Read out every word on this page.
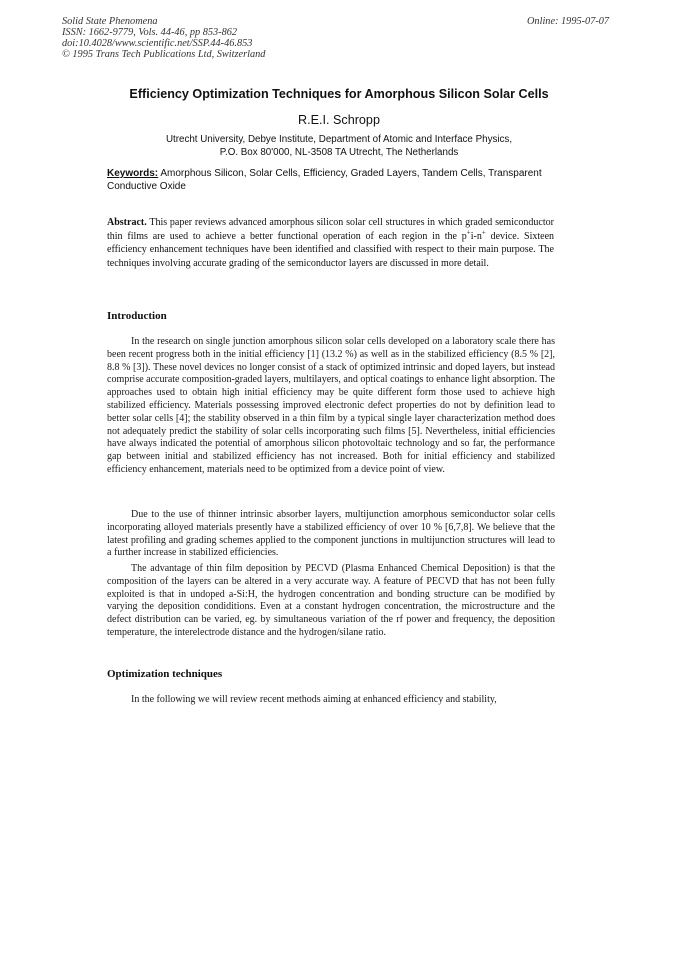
Solid State Phenomena
ISSN: 1662-9779, Vols. 44-46, pp 853-862
doi:10.4028/www.scientific.net/SSP.44-46.853
© 1995 Trans Tech Publications Ltd, Switzerland
Online: 1995-07-07
Efficiency Optimization Techniques for Amorphous Silicon Solar Cells
R.E.I. Schropp
Utrecht University, Debye Institute, Department of Atomic and Interface Physics,
P.O. Box 80'000, NL-3508 TA Utrecht, The Netherlands
Keywords: Amorphous Silicon, Solar Cells, Efficiency, Graded Layers, Tandem Cells, Transparent Conductive Oxide
Abstract. This paper reviews advanced amorphous silicon solar cell structures in which graded semiconductor thin films are used to achieve a better functional operation of each region in the p+i-n+ device. Sixteen efficiency enhancement techniques have been identified and classified with respect to their main purpose. The techniques involving accurate grading of the semiconductor layers are discussed in more detail.
Introduction
In the research on single junction amorphous silicon solar cells developed on a laboratory scale there has been recent progress both in the initial efficiency [1] (13.2 %) as well as in the stabilized efficiency (8.5 % [2], 8.8 % [3]). These novel devices no longer consist of a stack of optimized intrinsic and doped layers, but instead comprise accurate composition-graded layers, multilayers, and optical coatings to enhance light absorption. The approaches used to obtain high initial efficiency may be quite different form those used to achieve high stabilized efficiency. Materials possessing improved electronic defect properties do not by definition lead to better solar cells [4]; the stability observed in a thin film by a typical single layer characterization method does not adequately predict the stability of solar cells incorporating such films [5]. Nevertheless, initial efficiencies have always indicated the potential of amorphous silicon photovoltaic technology and so far, the performance gap between initial and stabilized efficiency has not increased. Both for initial efficiency and stabilized efficiency enhancement, materials need to be optimized from a device point of view.
Due to the use of thinner intrinsic absorber layers, multijunction amorphous semiconductor solar cells incorporating alloyed materials presently have a stabilized efficiency of over 10 % [6,7,8]. We believe that the latest profiling and grading schemes applied to the component junctions in multijunction structures will lead to a further increase in stabilized efficiencies.
The advantage of thin film deposition by PECVD (Plasma Enhanced Chemical Deposition) is that the composition of the layers can be altered in a very accurate way. A feature of PECVD that has not been fully exploited is that in undoped a-Si:H, the hydrogen concentration and bonding structure can be modified by varying the deposition condiditions. Even at a constant hydrogen concentration, the microstructure and the defect distribution can be varied, eg. by simultaneous variation of the rf power and frequency, the deposition temperature, the interelectrode distance and the hydrogen/silane ratio.
Optimization techniques
In the following we will review recent methods aiming at enhanced efficiency and stability,
